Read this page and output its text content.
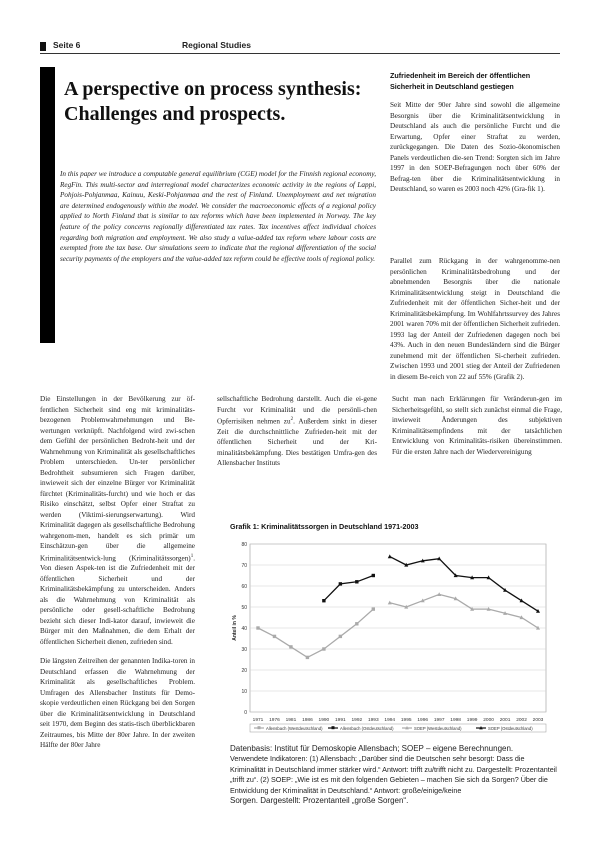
Seite 6	Regional Studies
A perspective on process synthesis: Challenges and prospects.

In this paper we introduce a computable general equilibrium (CGE) model for the Finnish regional economy, RegFin. This multi-sector and interregional model characterizes economic activity in the regions of Lappi, Pohjois-Pohjanmaa, Kainuu, Keski-Pohjanmaa and the rest of Finland. Unemployment and net migration are determined endogenously within the model. We consider the macroeconomic effects of a regional policy applied to North Finland that is similar to tax reforms which have been implemented in Norway. The key feature of the policy concerns regionally differentiated tax rates. Tax incentives affect individual choices regarding both migration and employment. We also study a value-added tax reform where labour costs are exempted from the tax base. Our simulations seem to indicate that the regional differentiation of the social security payments of the employers and the value-added tax reform could be effective tools of regional policy.

Zufriedenheit im Bereich der öffentlichen Sicherheit in Deutschland gestiegen

Seit Mitte der 90er Jahre sind sowohl die allgemeine Besorgnis über die Kriminalitätsentwicklung in Deutschland als auch die persönliche Furcht und die Erwartung, Opfer einer Straftat zu werden, zurückgegangen. Die Daten des Sozio-ökonomischen Panels verdeutlichen die-sen Trend: Sorgten sich im Jahre 1997 in den SOEP-Befragungen noch über 60% der Befrag-ten über die Kriminalitätsentwicklung in Deutschland, so waren es 2003 noch 42% (Gra-fik 1).

Parallel zum Rückgang in der wahrgenomme-nen persönlichen Kriminalitätsbedrohung und der abnehmenden Besorgnis über die nationale Kriminalitätsentwicklung steigt in Deutschland die Zufriedenheit mit der öffentlichen Sicher-heit und der Kriminalitätsbekämpfung. Im Wohlfahrtssurvey des Jahres 2001 waren 70% mit der öffentlichen Sicherheit zufrieden. 1993 lag der Anteil der Zufriedenen dagegen noch bei 43%. Auch in den neuen Bundesländern sind die Bürger zunehmend mit der öffentlichen Si-cherheit zufrieden. Zwischen 1993 und 2001 stieg der Anteil der Zufriedenen in diesem Be-reich von 22 auf 55% (Grafik 2).

Die Einstellungen in der Bevölkerung zur öf-fentlichen Sicherheit sind eng mit kriminalitäts-bezogenen Problemwahrnehmungen und Be-wertungen verknüpft. Nachfolgend wird zwi-schen dem Gefühl der persönlichen Bedroht-heit und der Wahrnehmung von Kriminalität als gesellschaftliches Problem unterschieden. Un-ter persönlicher Bedrohtheit subsumieren sich Fragen darüber, inwieweit sich der einzelne Bürger vor Kriminalität fürchtet (Kriminalitäts-furcht) und wie hoch er das Risiko einschätzt, selbst Opfer einer Straftat zu werden (Viktimi-sierungserwartung). Wird Kriminalität dagegen als gesellschaftliche Bedrohung wahrgenom-men, handelt es sich primär um Einschätzun-gen über die allgemeine Kriminalitätsentwick-lung (Kriminalitätssorgen)$^1$. Von diesen Aspek-ten ist die Zufriedenheit mit der öffentlichen Sicherheit und der Kriminalitätsbekämpfung zu unterscheiden. Anders als die Wahrnehmung von Kriminalität als persönliche oder gesell-schaftliche Bedrohung bezieht sich dieser Indi-kator darauf, inwieweit die Bürger mit den Maßnahmen, die dem Erhalt der öffentlichen Sicherheit dienen, zufrieden sind.

Die längsten Zeitreihen der genannten Indika-toren in Deutschland erfassen die Wahrnehmung der Kriminalität als gesellschaftliches Problem. Umfragen des Allensbacher Instituts für Demo-skopie verdeutlichen einen Rückgang bei den Sorgen über die Kriminalitätsentwicklung in Deutschland seit 1970, dem Beginn des statis-tisch überblickbaren Zeitraumes, bis Mitte der 80er Jahre. In der zweiten Hälfte der 80er Jahre

sellschaftliche Bedrohung darstellt. Auch die ei-gene Furcht vor Kriminalität und die persönli-chen Opferrisiken nehmen $zu^2$. Außerdem sinkt in dieser Zeit die durchschnittliche Zufrieden-heit mit der öffentlichen Sicherheit und der Kri-minalitätsbekämpfung. Dies bestätigen Umfra-gen des Allensbacher Instituts

Sucht man nach Erklärungen für Veränderun-gen im Sicherheitsgefühl, so stellt sich zunächst einmal die Frage, inwieweit Änderungen des subjektiven Kriminalitätsempfindens mit der tatsächlichen Entwicklung von Kriminalitäts-risiken übereinstimmen. Für die ersten Jahre nach der Wiedervereinigung

Grafik 1: Kriminalitätssorgen in Deutschland 1971-2003
0
10
20
30
40
50
60
70
80
Anteil in %
1971 1976 1981 1986 1990 1991 1992 1993 1994 1995 1996 1997 1998 1999 2000 2001 2002 2003
Allensbach (Westdeutschland)	Allensbach (Ostdeutschland)	SOEP (Westdeutschland)	SOEP (Ostdeutschland)
Datenbasis: Institut für Demoskopie Allensbach; SOEP – eigene Berechnungen.
Verwendete Indikatoren: (1) Allensbach: „Darüber sind die Deutschen sehr besorgt: Dass die Kriminalität in Deutschland immer stärker wird.“ Antwort: trifft zu/trifft nicht zu. Dargestellt: Prozentanteil „trifft zu“. (2) SOEP: „Wie ist es mit den folgenden Gebieten – machen Sie sich da Sorgen? Über die Entwicklung der Kriminalität in Deutschland.“ Antwort: große/einige/keine
Sorgen. Dargestellt: Prozentanteil „große Sorgen“.
